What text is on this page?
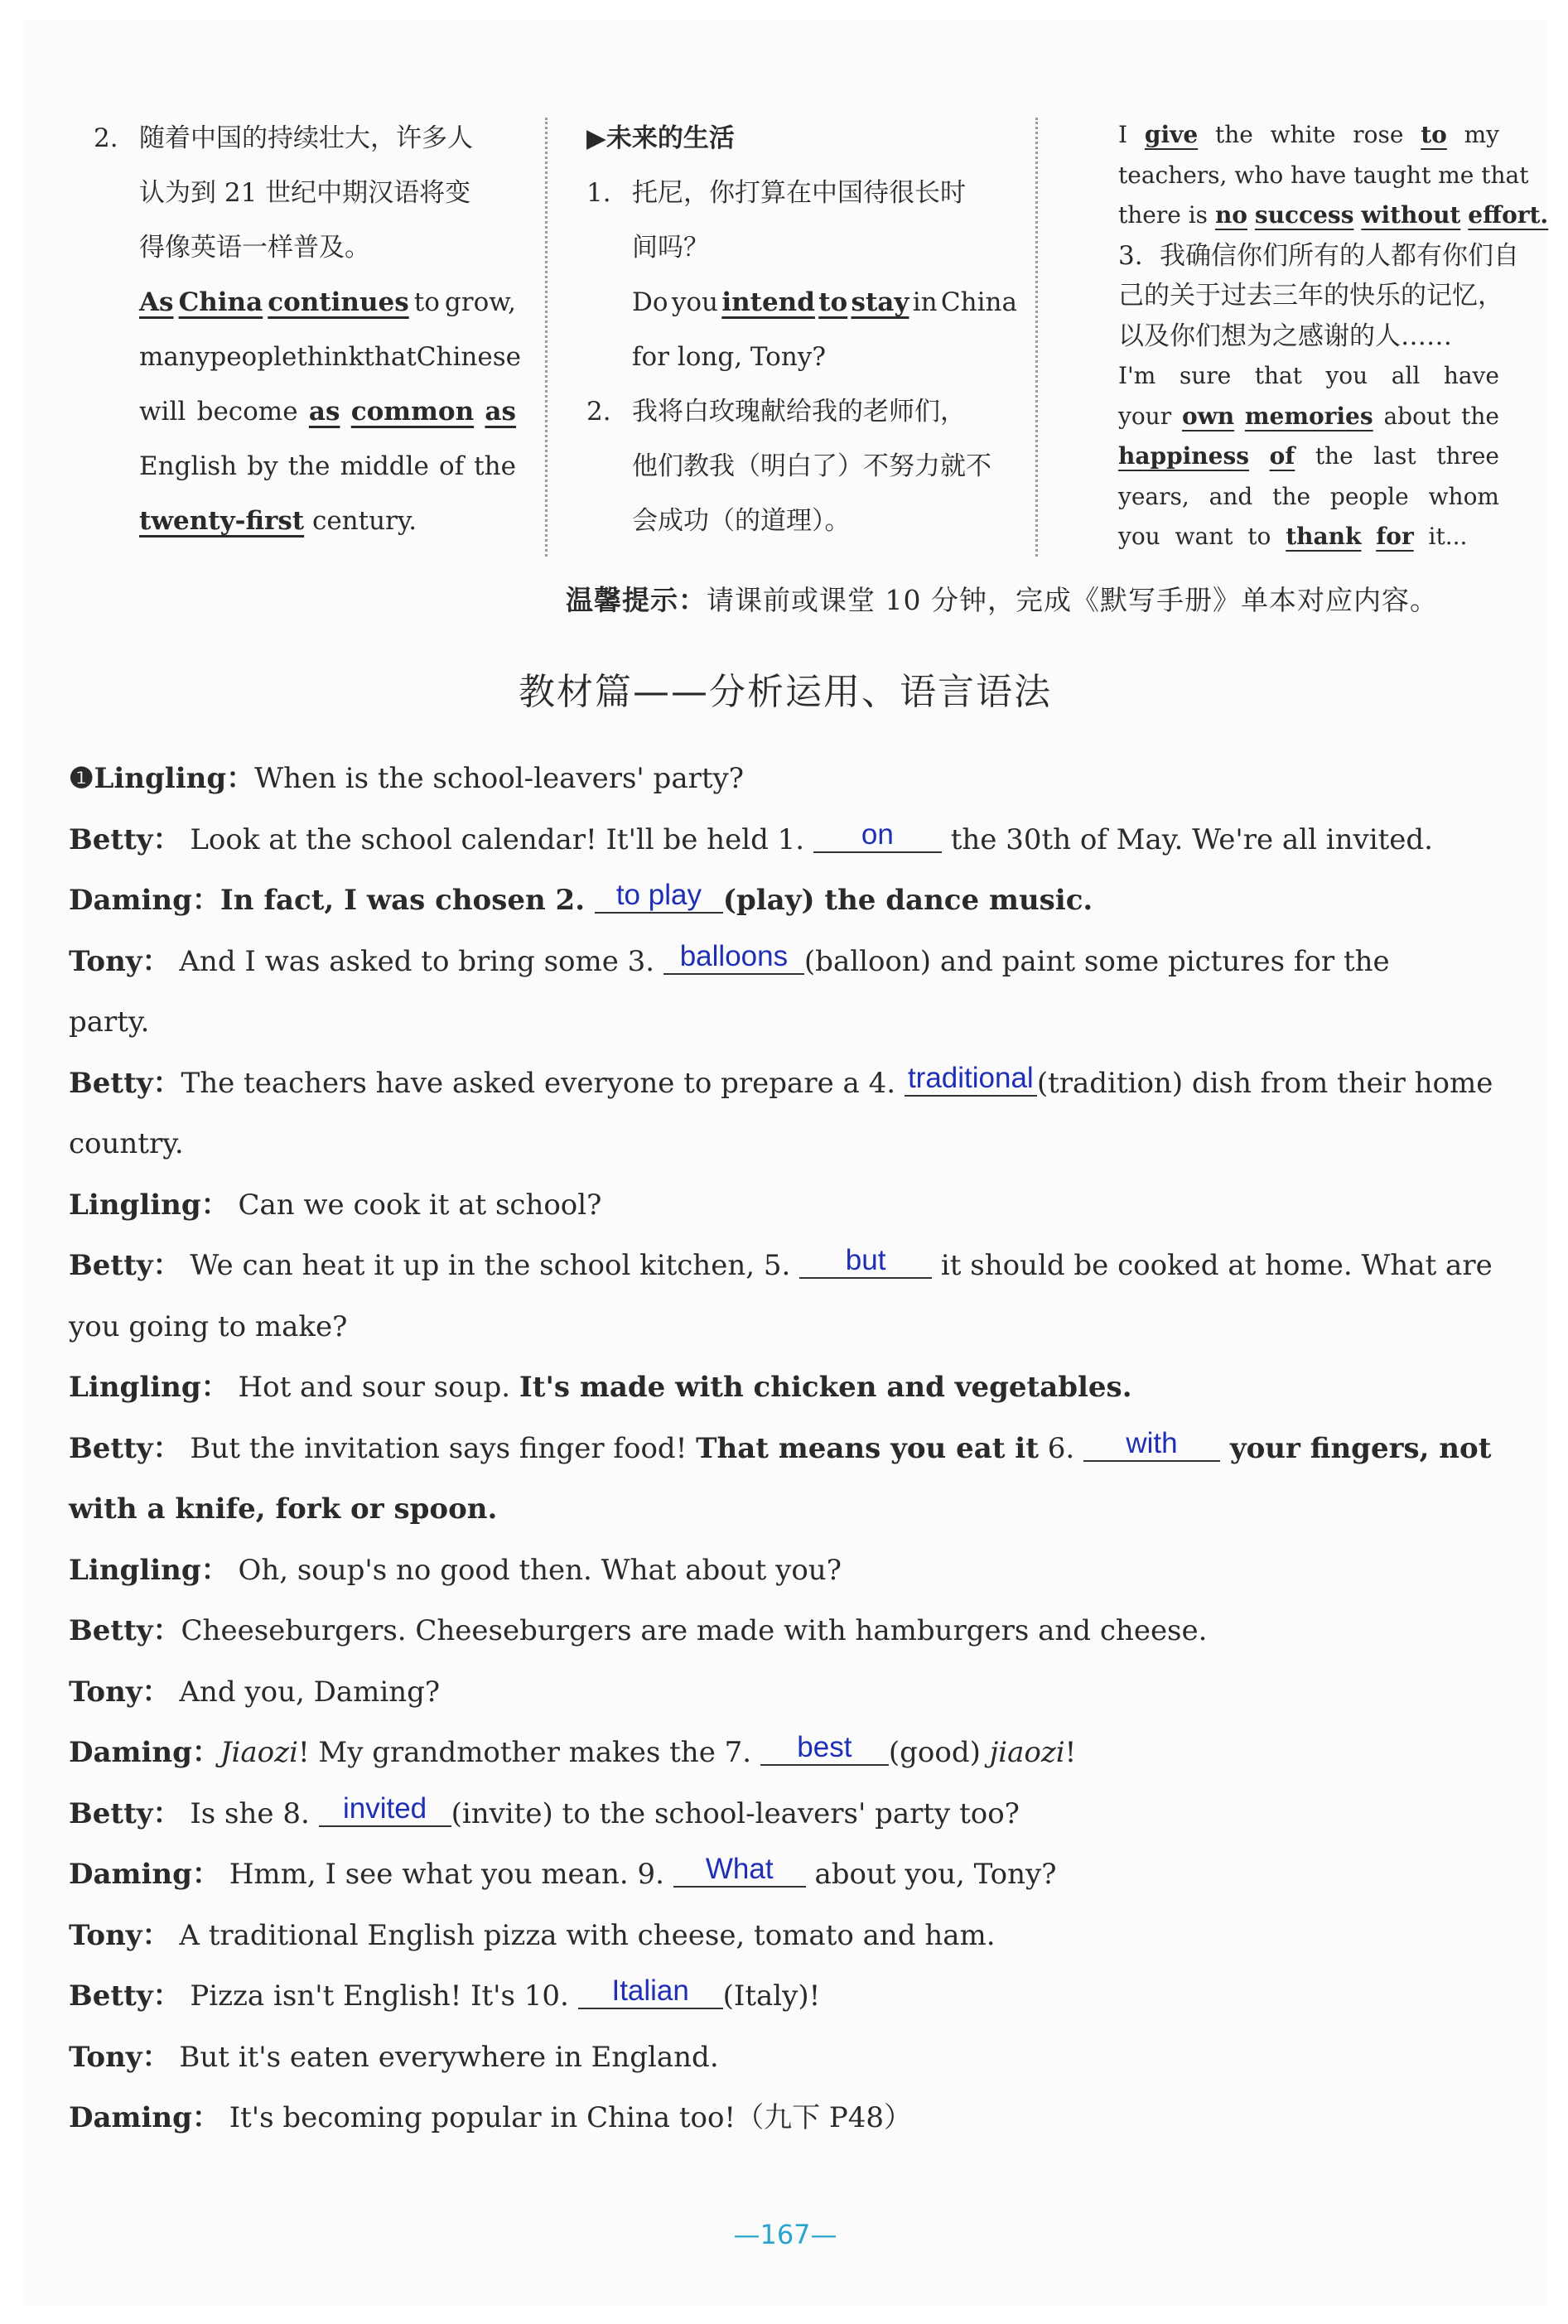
2. 随着中国的持续壮大，许多人
认为到 21 世纪中期汉语将变
得像英语一样普及。
As China continues to grow,
many people think that Chinese
will become as common as
English by the middle of the
twenty-first century.
▶ 未来的生活
1. 托尼，你打算在中国待很长时
间吗？
Do you intend to stay in China
for long, Tony?
2. 我将白玫瑰献给我的老师们，
他们教我（明白了）不努力就不
会成功（的道理）。
I give the white rose to my
teachers, who have taught me that
there is no
success
without
effort.
3. 我确信你们所有的人都有你们自
己的关于过去三年的快乐的记忆，
以及你们想为之感谢的人……
I'm sure that you all have
your own memories about the
happiness of the last three
years, and the people whom
you
want
to
thank
for
it...
温馨提示：请课前或课堂 10 分钟，完成《默写手册》单本对应内容。
教材篇——分析运用、语言语法
❶Lingling：When is the school-leavers' party?
Betty： Look at the school calendar! It'll be held 1. on the 30th of May. We're all invited.
Daming：In fact, I was chosen 2. to play (play) the dance music.
Tony： And I was asked to bring some 3. balloons (balloon) and paint some pictures for the
party.
Betty：The teachers have asked everyone to prepare a 4. traditional (tradition) dish from their home
country.
Lingling： Can we cook it at school?
Betty： We can heat it up in the school kitchen, 5. but it should be cooked at home. What are
you going to make?
Lingling： Hot and sour soup. It's made with chicken and vegetables.
Betty： But the invitation says finger food! That means you eat it 6. with your fingers, not
with a knife, fork or spoon.
Lingling： Oh, soup's no good then. What about you?
Betty：Cheeseburgers. Cheeseburgers are made with hamburgers and cheese.
Tony： And you, Daming?
Daming：Jiaozi! My grandmother makes the 7. best (good) jiaozi!
Betty： Is she 8. invited (invite) to the school-leavers' party too?
Daming： Hmm, I see what you mean. 9. What about you, Tony?
Tony： A traditional English pizza with cheese, tomato and ham.
Betty： Pizza isn't English! It's 10. Italian (Italy)!
Tony： But it's eaten everywhere in England.
Daming： It's becoming popular in China too!（九下 P48）
—167—
